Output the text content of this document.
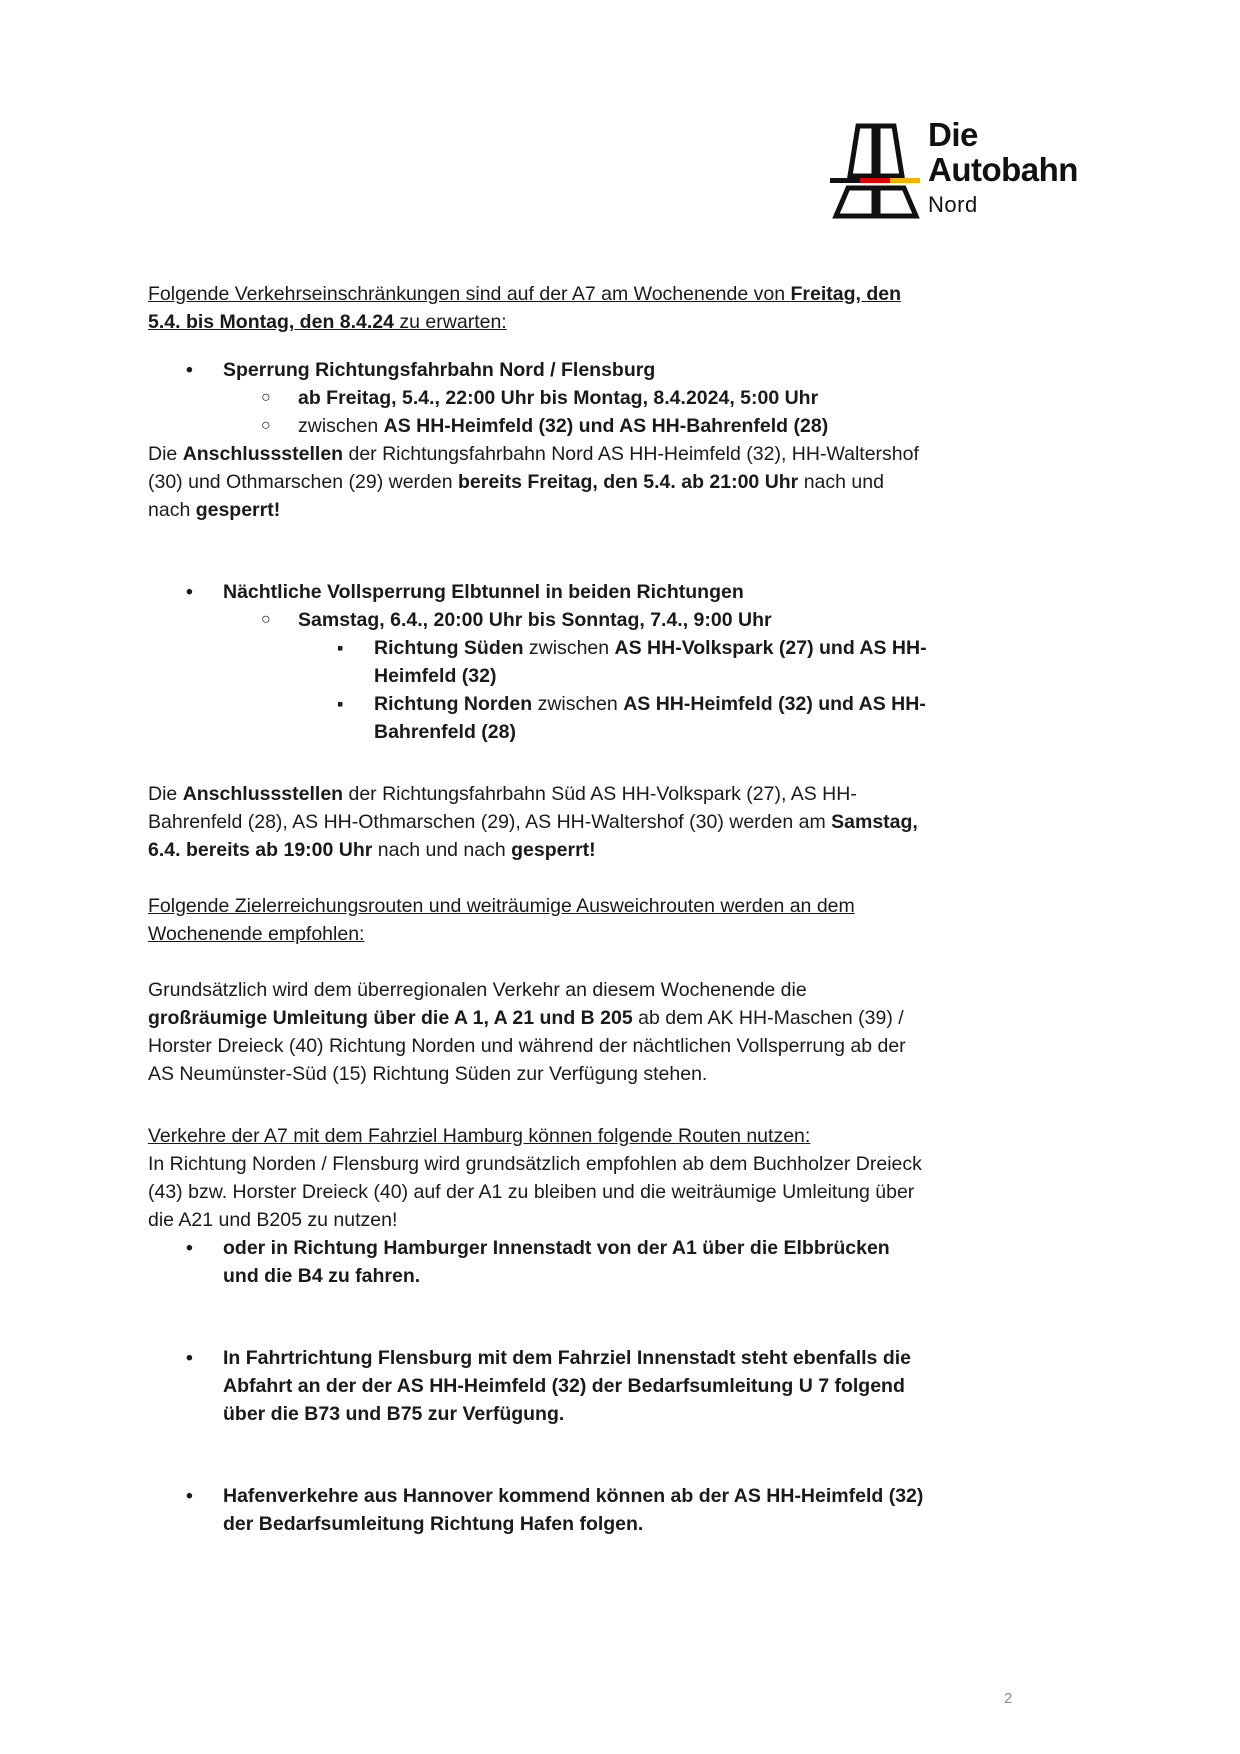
Die
Autobahn
Nord

Folgende Verkehrseinschränkungen sind auf der A7 am Wochenende von Freitag, den 5.4. bis Montag, den 8.4.24 zu erwarten:

• Sperrung Richtungsfahrbahn Nord / Flensburg
○ ab Freitag, 5.4., 22:00 Uhr bis Montag, 8.4.2024, 5:00 Uhr
○ zwischen AS HH-Heimfeld (32) und AS HH-Bahrenfeld (28)

Die Anschlussstellen der Richtungsfahrbahn Nord AS HH-Heimfeld (32), HH-Waltershof (30) und Othmarschen (29) werden bereits Freitag, den 5.4. ab 21:00 Uhr nach und nach gesperrt!

• Nächtliche Vollsperrung Elbtunnel in beiden Richtungen
○ Samstag, 6.4., 20:00 Uhr bis Sonntag, 7.4., 9:00 Uhr
▪ Richtung Süden zwischen AS HH-Volkspark (27) und AS HH-Heimfeld (32)
▪ Richtung Norden zwischen AS HH-Heimfeld (32) und AS HH-Bahrenfeld (28)

Die Anschlussstellen der Richtungsfahrbahn Süd AS HH-Volkspark (27), AS HH-Bahrenfeld (28), AS HH-Othmarschen (29), AS HH-Waltershof (30) werden am Samstag, 6.4. bereits ab 19:00 Uhr nach und nach gesperrt!

Folgende Zielerreichungsrouten und weiträumige Ausweichrouten werden an dem Wochenende empfohlen:

Grundsätzlich wird dem überregionalen Verkehr an diesem Wochenende die großräumige Umleitung über die A 1, A 21 und B 205 ab dem AK HH-Maschen (39) / Horster Dreieck (40) Richtung Norden und während der nächtlichen Vollsperrung ab der AS Neumünster-Süd (15) Richtung Süden zur Verfügung stehen.

Verkehre der A7 mit dem Fahrziel Hamburg können folgende Routen nutzen:

In Richtung Norden / Flensburg wird grundsätzlich empfohlen ab dem Buchholzer Dreieck (43) bzw. Horster Dreieck (40) auf der A1 zu bleiben und die weiträumige Umleitung über die A21 und B205 zu nutzen!

• oder in Richtung Hamburger Innenstadt von der A1 über die Elbbrücken und die B4 zu fahren.
• In Fahrtrichtung Flensburg mit dem Fahrziel Innenstadt steht ebenfalls die Abfahrt an der der AS HH-Heimfeld (32) der Bedarfsumleitung U 7 folgend über die B73 und B75 zur Verfügung.
• Hafenverkehre aus Hannover kommend können ab der AS HH-Heimfeld (32) der Bedarfsumleitung Richtung Hafen folgen.
2
